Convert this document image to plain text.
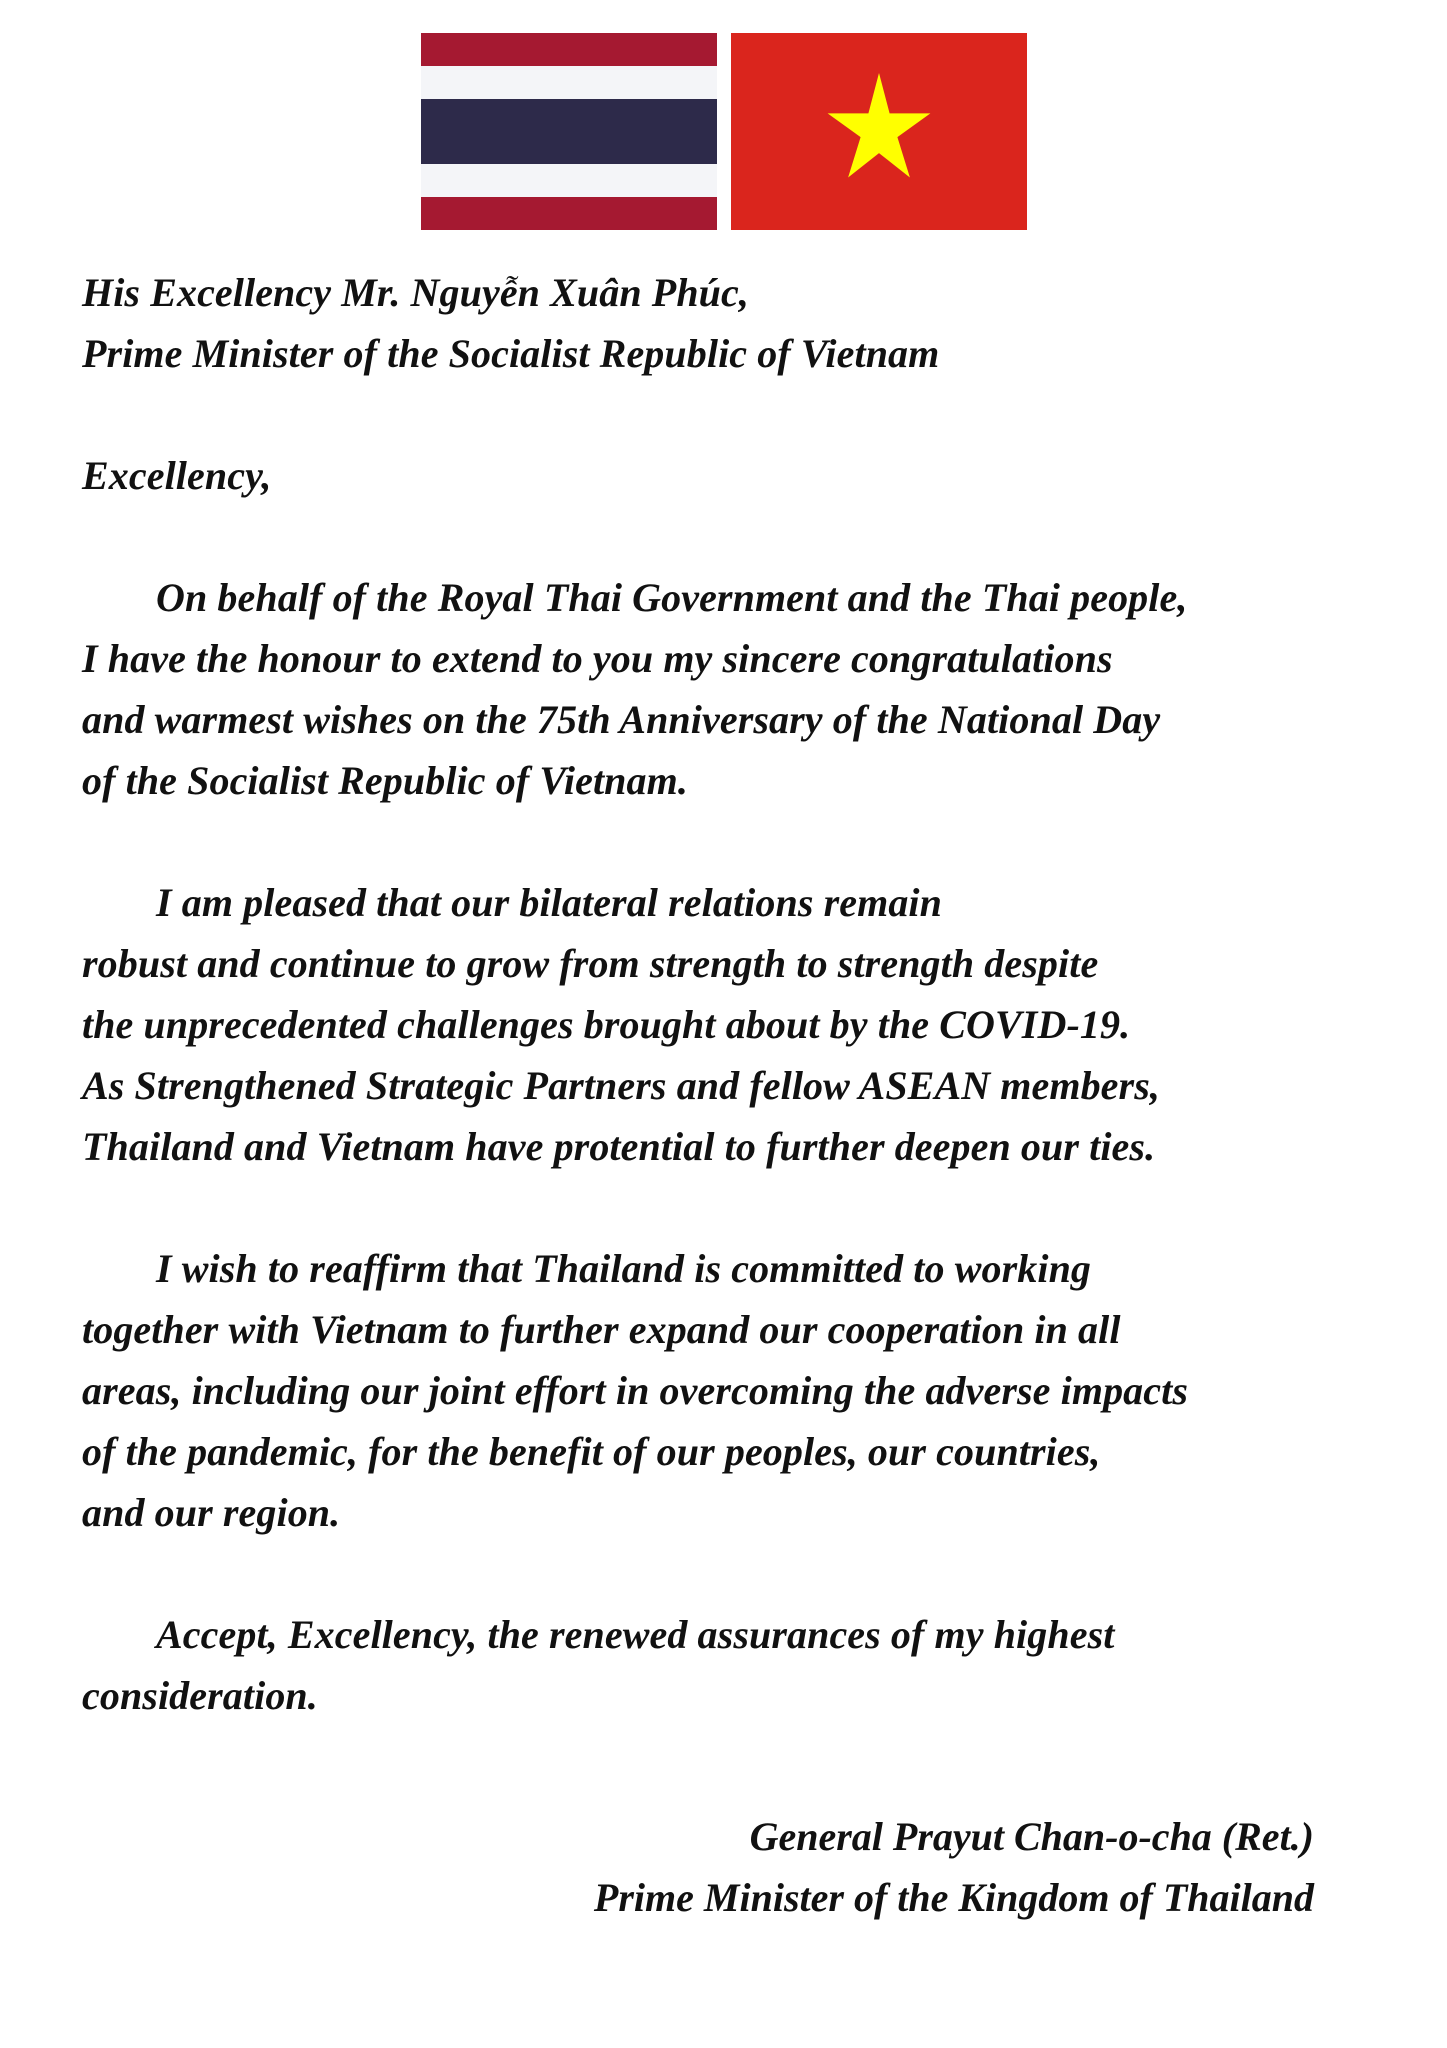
His Excellency Mr. Nguyễn Xuân Phúc,
Prime Minister of the Socialist Republic of Vietnam
Excellency,
On behalf of the Royal Thai Government and the Thai people,
I have the honour to extend to you my sincere congratulations
and warmest wishes on the 75th Anniversary of the National Day
of the Socialist Republic of Vietnam.
I am pleased that our bilateral relations remain
robust and continue to grow from strength to strength despite
the unprecedented challenges brought about by the COVID-19.
As Strengthened Strategic Partners and fellow ASEAN members,
Thailand and Vietnam have protential to further deepen our ties.
I wish to reaffirm that Thailand is committed to working
together with Vietnam to further expand our cooperation in all
areas, including our joint effort in overcoming the adverse impacts
of the pandemic, for the benefit of our peoples, our countries,
and our region.
Accept, Excellency, the renewed assurances of my highest
consideration.
General Prayut Chan-o-cha (Ret.)
Prime Minister of the Kingdom of Thailand
